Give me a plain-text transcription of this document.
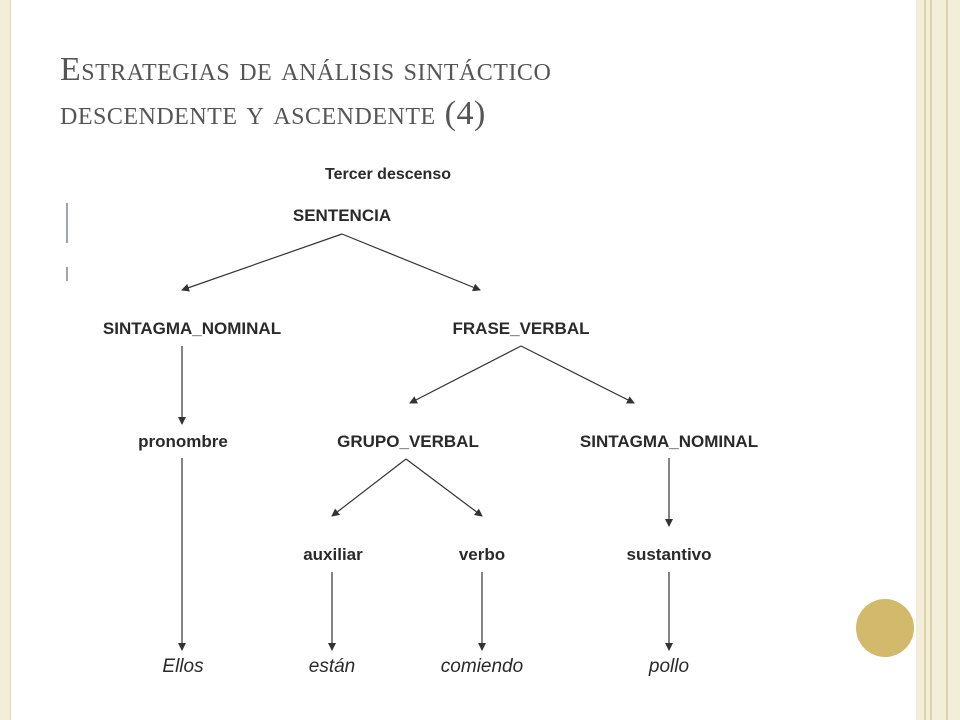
Estrategias de análisis sintáctico
descendente y ascendente (4)
Tercer descenso
SENTENCIA
SINTAGMA_NOMINAL	FRASE_VERBAL
pronombre	GRUPO_VERBAL	SINTAGMA_NOMINAL
auxiliar	verbo	sustantivo
Ellos	están	comiendo	pollo
